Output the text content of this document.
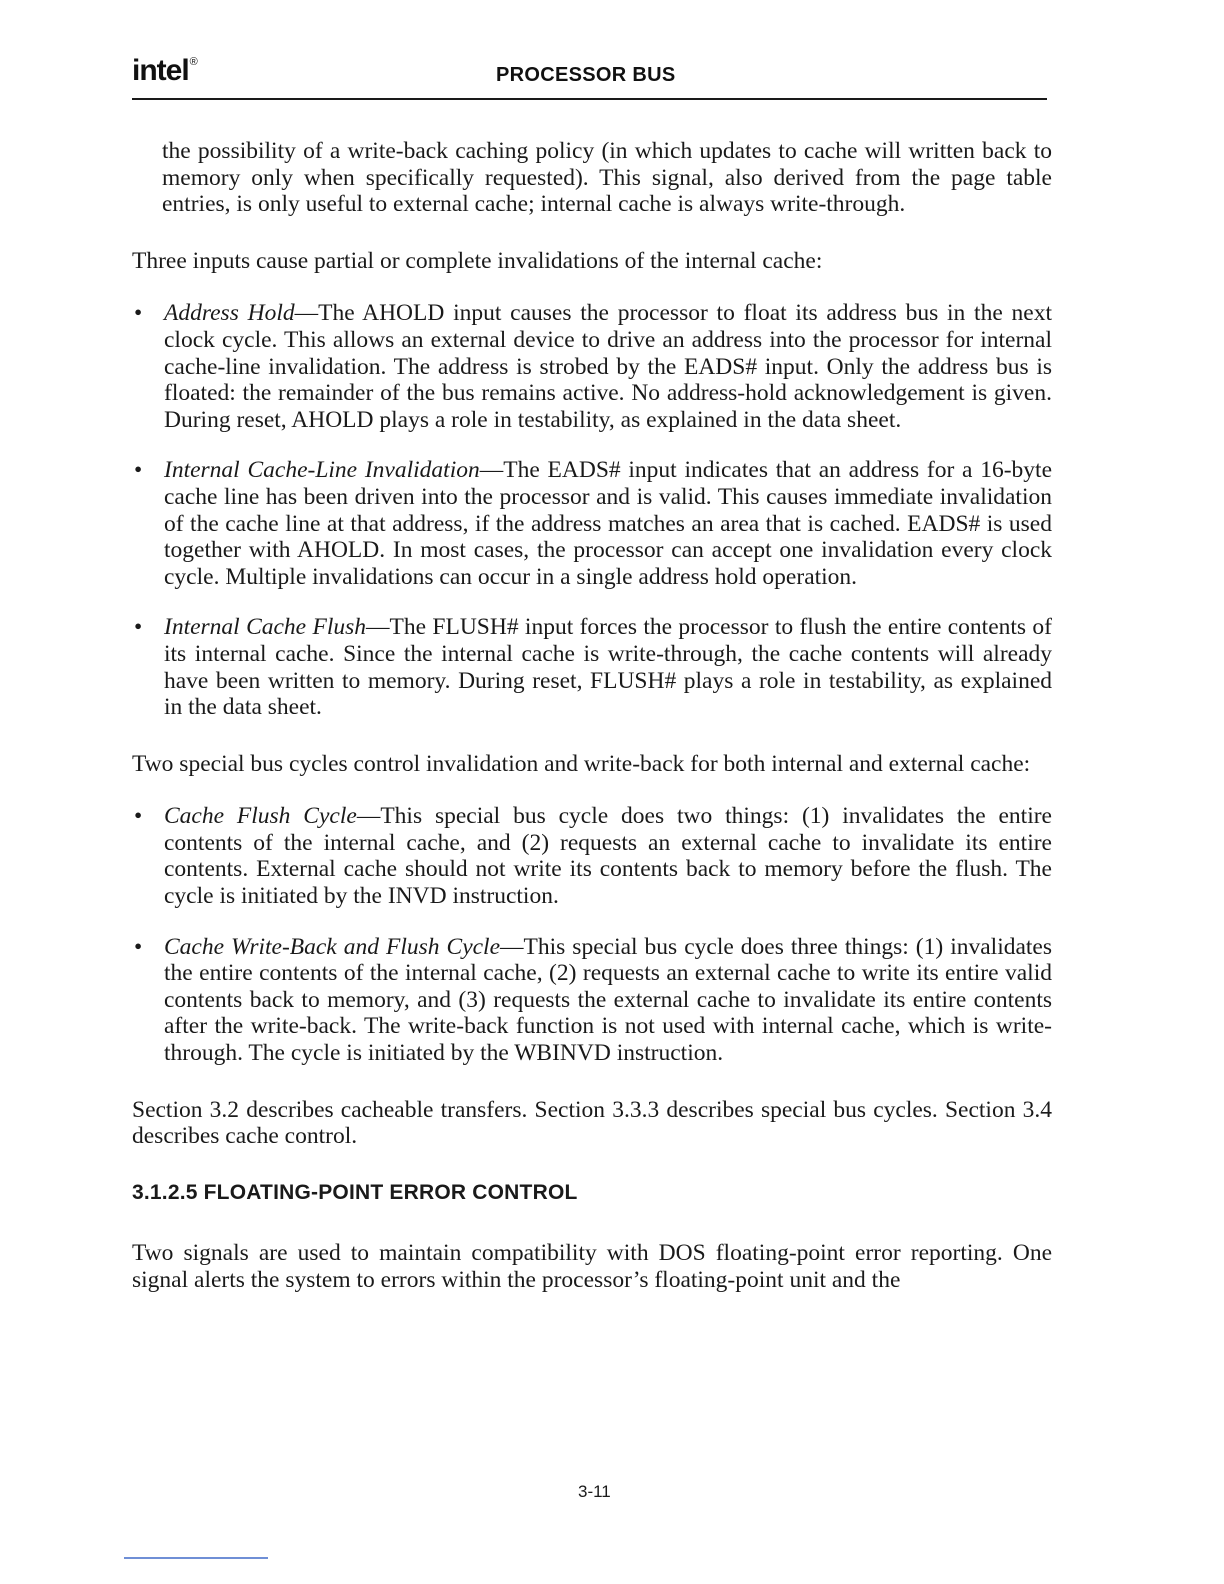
intel®
PROCESSOR BUS

the possibility of a write-back caching policy (in which updates to cache will written back to memory only when specifically requested). This signal, also derived from the page table entries, is only useful to external cache; internal cache is always write-through.

Three inputs cause partial or complete invalidations of the internal cache:

• Address Hold—The AHOLD input causes the processor to float its address bus in the next clock cycle. This allows an external device to drive an address into the processor for internal cache-line invalidation. The address is strobed by the EADS# input. Only the address bus is floated: the remainder of the bus remains active. No address-hold acknowledgement is given. During reset, AHOLD plays a role in testability, as explained in the data sheet.
• Internal Cache-Line Invalidation—The EADS# input indicates that an address for a 16-byte cache line has been driven into the processor and is valid. This causes immediate invalidation of the cache line at that address, if the address matches an area that is cached. EADS# is used together with AHOLD. In most cases, the processor can accept one invalidation every clock cycle. Multiple invalidations can occur in a single address hold operation.
• Internal Cache Flush—The FLUSH# input forces the processor to flush the entire contents of its internal cache. Since the internal cache is write-through, the cache contents will already have been written to memory. During reset, FLUSH# plays a role in testability, as explained in the data sheet.

Two special bus cycles control invalidation and write-back for both internal and external cache:

• Cache Flush Cycle—This special bus cycle does two things: (1) invalidates the entire contents of the internal cache, and (2) requests an external cache to invalidate its entire contents. External cache should not write its contents back to memory before the flush. The cycle is initiated by the INVD instruction.
• Cache Write-Back and Flush Cycle—This special bus cycle does three things: (1) invalidates the entire contents of the internal cache, (2) requests an external cache to write its entire valid contents back to memory, and (3) requests the external cache to invalidate its entire contents after the write-back. The write-back function is not used with internal cache, which is write-through. The cycle is initiated by the WBINVD instruction.

Section 3.2 describes cacheable transfers. Section 3.3.3 describes special bus cycles. Section 3.4 describes cache control.

3.1.2.5 FLOATING-POINT ERROR CONTROL

Two signals are used to maintain compatibility with DOS floating-point error reporting. One signal alerts the system to errors within the processor’s floating-point unit and the

3-11
